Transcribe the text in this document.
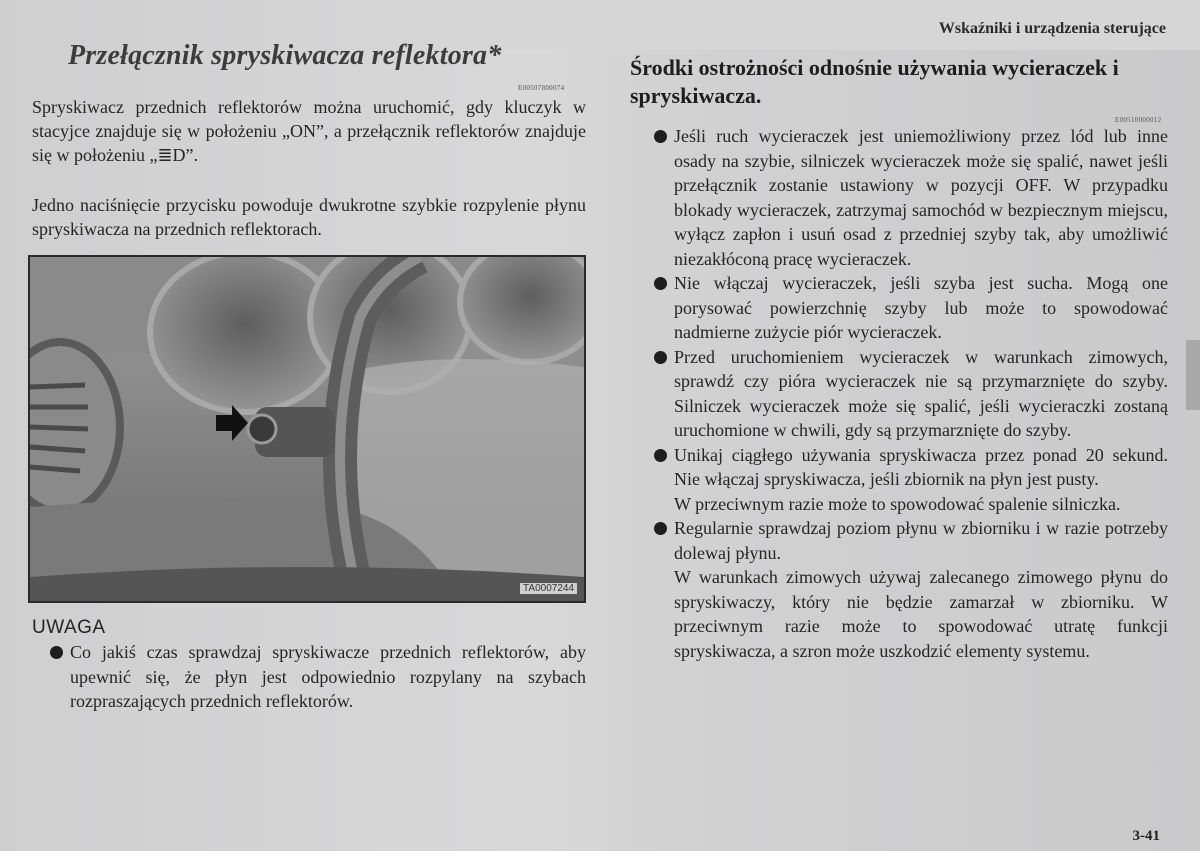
Wskaźniki i urządzenia sterujące
Przełącznik spryskiwacza reflektora*
E00507800074

Spryskiwacz przednich reflektorów można uruchomić, gdy kluczyk w stacyjce znajduje się w położeniu „ON”, a przełącznik reflektorów znajduje się w położeniu „≣D”.

Jedno naciśnięcie przycisku powoduje dwukrotne szybkie rozpylenie płynu spryskiwacza na przednich reflektorach.

TA0007244
UWAGA
Co jakiś czas sprawdzaj spryskiwacze przednich reflektorów, aby upewnić się, że płyn jest odpowiednio rozpylany na szybach rozpraszających przednich reflektorów.
Środki ostrożności odnośnie używania wycieraczek i spryskiwacza.
E00510000012
Jeśli ruch wycieraczek jest uniemożliwiony przez lód lub inne osady na szybie, silniczek wycieraczek może się spalić, nawet jeśli przełącznik zostanie ustawiony w pozycji OFF. W przypadku blokady wycieraczek, zatrzymaj samochód w bezpiecznym miejscu, wyłącz zapłon i usuń osad z przedniej szyby tak, aby umożliwić niezakłóconą pracę wycieraczek.
Nie włączaj wycieraczek, jeśli szyba jest sucha. Mogą one porysować powierzchnię szyby lub może to spowodować nadmierne zużycie piór wycieraczek.
Przed uruchomieniem wycieraczek w warunkach zimowych, sprawdź czy pióra wycieraczek nie są przymarznięte do szyby. Silniczek wycieraczek może się spalić, jeśli wycieraczki zostaną uruchomione w chwili, gdy są przymarznięte do szyby.
Unikaj ciągłego używania spryskiwacza przez ponad 20 sekund. Nie włączaj spryskiwacza, jeśli zbiornik na płyn jest pusty.
W przeciwnym razie może to spowodować spalenie silniczka.
Regularnie sprawdzaj poziom płynu w zbiorniku i w razie potrzeby dolewaj płynu.
W warunkach zimowych używaj zalecanego zimowego płynu do spryskiwaczy, który nie będzie zamarzał w zbiorniku. W przeciwnym razie może to spowodować utratę funkcji spryskiwacza, a szron może uszkodzić elementy systemu.
3-41
